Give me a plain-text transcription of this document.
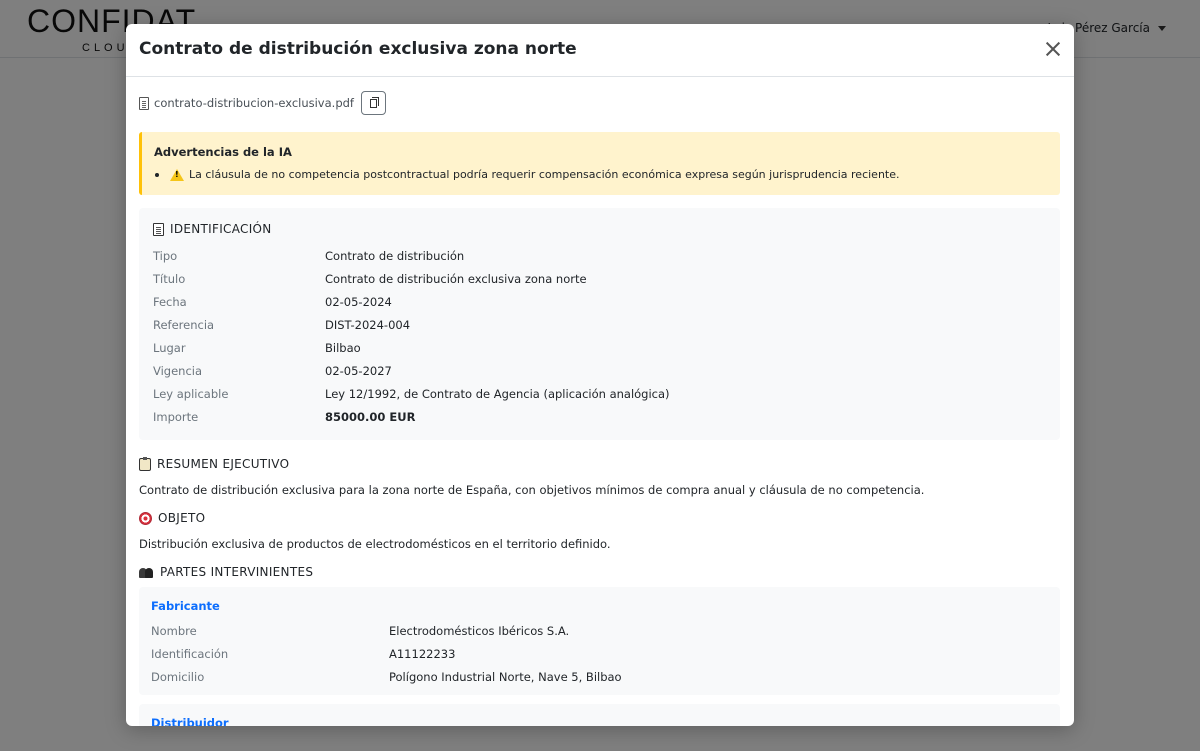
Contrato de distribución exclusiva zona norte
contrato-distribucion-exclusiva.pdf
Advertencias de la IA
!
La cláusula de no competencia postcontractual podría requerir compensación económica expresa según jurisprudencia reciente.
IDENTIFICACIÓN
Tipo	Contrato de distribución
Título	Contrato de distribución exclusiva zona norte
Fecha	02-05-2024
Referencia	DIST-2024-004
Lugar	Bilbao
Vigencia	02-05-2027
Ley aplicable	Ley 12/1992, de Contrato de Agencia (aplicación analógica)
Importe	85000.00 EUR
RESUMEN EJECUTIVO
Contrato de distribución exclusiva para la zona norte de España, con objetivos mínimos de compra anual y cláusula de no competencia.
OBJETO
Distribución exclusiva de productos de electrodomésticos en el territorio definido.
PARTES INTERVINIENTES
Fabricante
Nombre	Electrodomésticos Ibéricos S.A.
Identificación	A11122233
Domicilio	Polígono Industrial Norte, Nave 5, Bilbao
Distribuidor
